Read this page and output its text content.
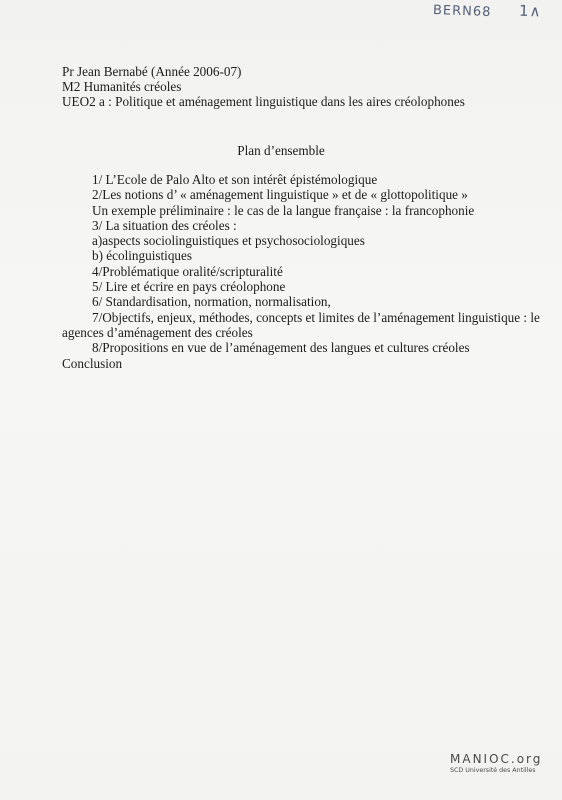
BERN68 1∧
Pr Jean Bernabé (Année 2006-07)
M2 Humanités créoles
UEO2 a : Politique et aménagement linguistique dans les aires créolophones
Plan d’ensemble
1/ L’Ecole de Palo Alto et son intérêt épistémologique
2/Les notions d’ « aménagement linguistique » et de « glottopolitique »
Un exemple préliminaire : le cas de la langue française : la francophonie
3/ La situation des créoles :
a)aspects sociolinguistiques et psychosociologiques
b) écolinguistiques
4/Problématique oralité/scripturalité
5/ Lire et écrire en pays créolophone
6/ Standardisation, normation, normalisation,
7/Objectifs, enjeux, méthodes, concepts et limites de l’aménagement linguistique : le
agences d’aménagement des créoles
8/Propositions en vue de l’aménagement des langues et cultures créoles
Conclusion
MANIOC.org
SCD Université des Antilles
